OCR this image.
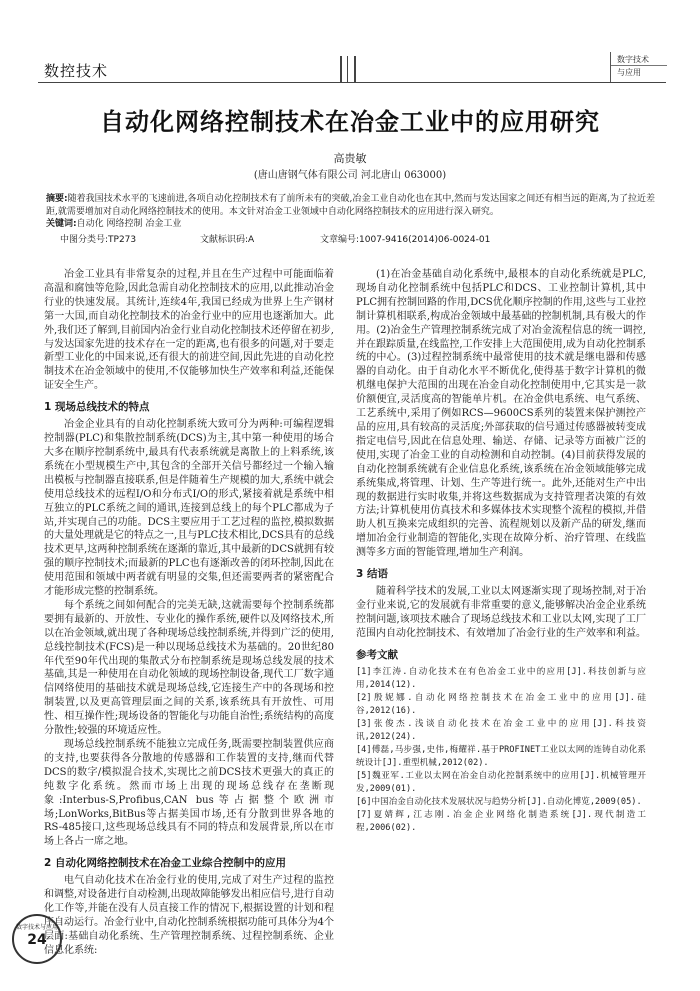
数控技术
数字技术
与应用
自动化网络控制技术在冶金工业中的应用研究
高贵敏
(唐山唐钢气体有限公司 河北唐山 063000)
摘要:随着我国技术水平的飞速前进,各项自动化控制技术有了前所未有的突破,冶金工业自动化也在其中,然而与发达国家之间还有相当远的距离,为了拉近差距,就需要增加对自动化网络控制技术的使用。本文针对冶金工业领域中自动化网络控制技术的应用进行深入研究。
关键词:自动化 网络控制 冶金工业
中图分类号:TP273	文献标识码:A	文章编号:1007-9416(2014)06-0024-01

冶金工业具有非常复杂的过程,并且在生产过程中可能面临着高温和腐蚀等危险,因此急需自动化控制技术的应用,以此推动冶金行业的快速发展。其统计,连续4年,我国已经成为世界上生产钢材第一大国,而自动化控制技术的冶金行业中的应用也逐渐加大。此外,我们还了解到,目前国内冶金行业自动化控制技术还停留在初步,与发达国家先进的技术存在一定的距离,也有很多的问题,对于要走新型工业化的中国来说,还有很大的前进空间,因此先进的自动化控制技术在冶金领域中的使用,不仅能够加快生产效率和利益,还能保证安全生产。

1 现场总线技术的特点

冶金企业具有的自动化控制系统大致可分为两种:可编程逻辑控制器(PLC)和集散控制系统(DCS)为主,其中第一种使用的场合大多在顺序控制系统中,最具有代表系统就是离散上的上料系统,该系统在小型规模生产中,其包含的全部开关信号都经过一个输入输出模板与控制器直接联系,但是伴随着生产规模的加大,系统中就会使用总线技术的远程I/O和分布式I/O的形式,紧接着就是系统中相互独立的PLC系统之间的通讯,连接到总线上的每个PLC都成为子站,并实现自己的功能。DCS主要应用于工艺过程的监控,模拟数据的大量处理就是它的特点之一,且与PLC技术相比,DCS具有的总线技术更早,这两种控制系统在逐渐的靠近,其中最新的DCS就拥有较强的顺序控制技术;而最新的PLC也有逐渐改善的闭环控制,因此在使用范围和领域中两者就有明显的交集,但还需要两者的紧密配合才能形成完整的控制系统。

每个系统之间如何配合的完美无缺,这就需要每个控制系统都要拥有最新的、开放性、专业化的操作系统,硬件以及网络技术,所以在冶金领域,就出现了各种现场总线控制系统,并得到广泛的使用,总线控制技术(FCS)是一种以现场总线技术为基础的。20世纪80年代至90年代出现的集散式分布控制系统是现场总线发展的技术基础,其是一种使用在自动化领域的现场控制设备,现代工厂数字通信网络使用的基础技术就是现场总线,它连接生产中的各现场和控制装置,以及更高管理层面之间的关系,该系统具有开放性、可用性、相互操作性;现场设备的智能化与功能自治性;系统结构的高度分散性;较强的环境适应性。

现场总线控制系统不能独立完成任务,既需要控制装置供应商的支持,也要获得各分散地的传感器和工作装置的支持,继而代替DCS的数字/模拟混合技术,实现比之前DCS技术更强大的真正的纯数字化系统。然而市场上出现的现场总线存在垄断现象:Interbus-S,Profibus,CAN bus等占据整个欧洲市场;LonWorks,BitBus等占据美国市场,还有分散到世界各地的RS-485接口,这些现场总线具有不同的特点和发展背景,所以在市场上各占一席之地。

2 自动化网络控制技术在冶金工业综合控制中的应用

电气自动化技术在冶金行业的使用,完成了对生产过程的监控和调整,对设备进行自动检测,出现故障能够发出相应信号,进行自动化工作等,并能在没有人员直接工作的情况下,根据设置的计划和程序自动运行。冶金行业中,自动化控制系统根据功能可具体分为4个层面:基础自动化系统、生产管理控制系统、过程控制系统、企业信息化系统:

(1)在冶金基础自动化系统中,最根本的自动化系统就是PLC,现场自动化控制系统中包括PLC和DCS、工业控制计算机,其中PLC拥有控制回路的作用,DCS优化顺序控制的作用,这些与工业控制计算机相联系,构成冶金领域中最基础的控制机制,具有极大的作用。(2)冶金生产管理控制系统完成了对冶金流程信息的统一调控,并在跟踪质量,在线监控,工作安排上大范围使用,成为自动化控制系统的中心。(3)过程控制系统中最常使用的技术就是继电器和传感器的自动化。由于自动化水平不断优化,使得基于数字计算机的微机继电保护大范围的出现在冶金自动化控制使用中,它其实是一款价额便宜,灵活度高的智能单片机。在冶金供电系统、电气系统、工艺系统中,采用了例如RCS—9600CS系列的装置来保护测控产品的应用,具有较高的灵活度;外部获取的信号通过传感器被转变成指定电信号,因此在信息处理、输送、存储、记录等方面被广泛的使用,实现了冶金工业的自动检测和自动控制。(4)目前获得发展的自动化控制系统就有企业信息化系统,该系统在冶金领域能够完成系统集成,将管理、计划、生产等进行统一。此外,还能对生产中出现的数据进行实时收集,并将这些数据成为支持管理者决策的有效方法;计算机使用仿真技术和多媒体技术实现整个流程的模拟,并借助人机互换来完成组织的完善、流程规划以及新产品的研发,继而增加冶金行业制造的智能化,实现在故障分析、治疗管理、在线监测等多方面的智能管理,增加生产利润。

3 结语

随着科学技术的发展,工业以太网逐渐实现了现场控制,对于冶金行业来说,它的发展就有非常重要的意义,能够解决冶金企业系统控制问题,该项技术融合了现场总线技术和工业以太网,实现了工厂范围内自动化控制技术、有效增加了冶金行业的生产效率和利益。

参考文献
[1]李江涛.自动化技术在有色冶金工业中的应用[J].科技创新与应用,2014(12).
[2]殷妮娜.自动化网络控制技术在冶金工业中的应用[J].硅谷,2012(16).
[3]张俊杰.浅谈自动化技术在冶金工业中的应用[J].科技资讯,2012(24).
[4]傅磊,马步强,史伟,梅耀祥.基于PROFINET工业以太网的连铸自动化系统设计[J].重型机械,2012(02).
[5]魏亚军.工业以太网在冶金自动化控制系统中的应用[J].机械管理开发,2009(01).
[6]中国冶金自动化技术发展状况与趋势分析[J].自动化博览,2009(05).
[7]夏婧辉,江志刚.冶金企业网络化制造系统[J].现代制造工程,2006(02).
数字技术与应用
24
